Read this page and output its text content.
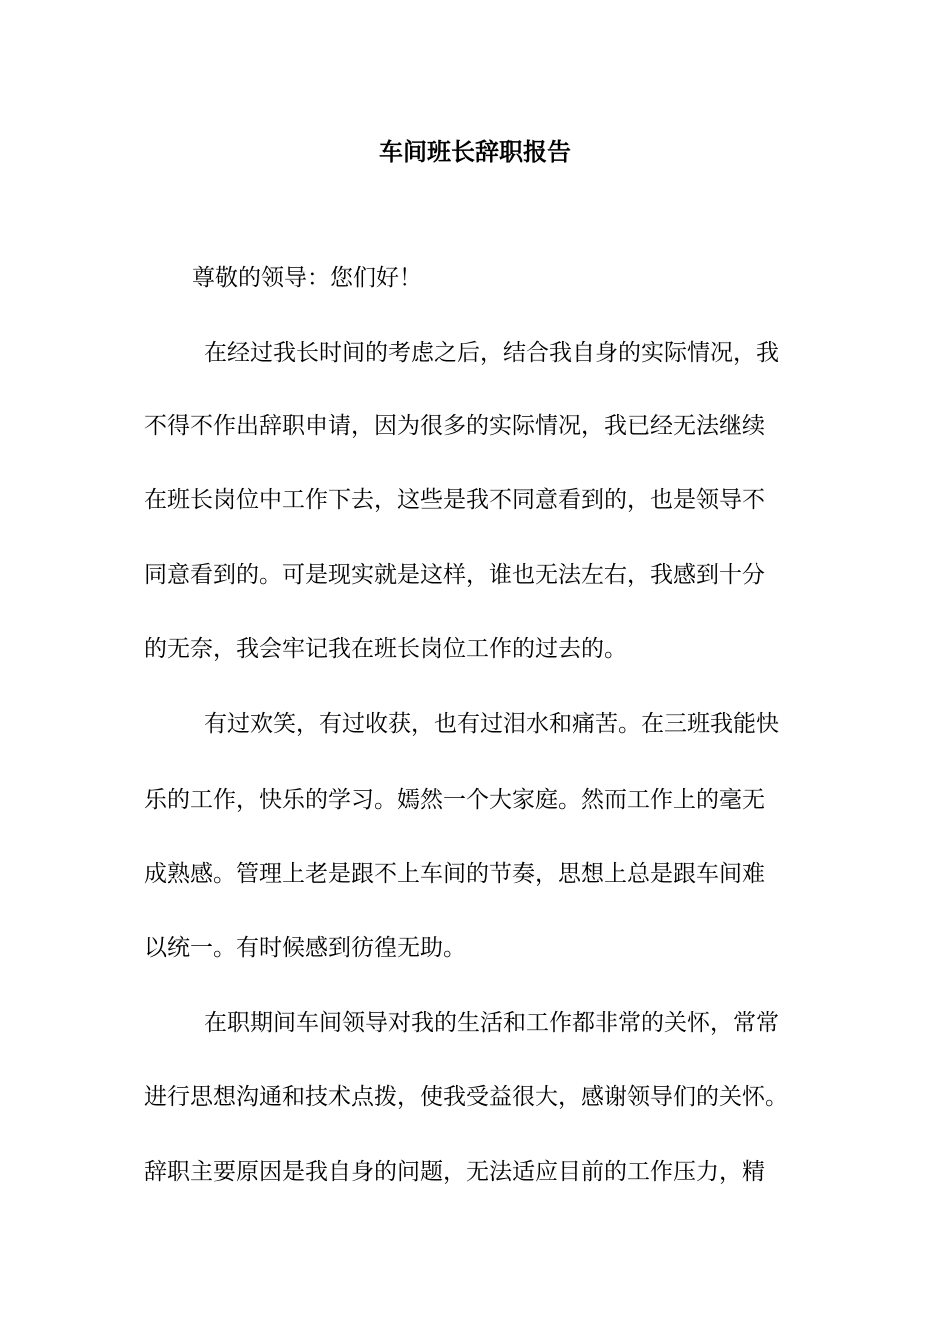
车间班长辞职报告

尊敬的领导：您们好！

在经过我长时间的考虑之后，结合我自身的实际情况，我

不得不作出辞职申请，因为很多的实际情况，我已经无法继续

在班长岗位中工作下去，这些是我不同意看到的，也是领导不

同意看到的。可是现实就是这样，谁也无法左右，我感到十分

的无奈，我会牢记我在班长岗位工作的过去的。

有过欢笑，有过收获，也有过泪水和痛苦。在三班我能快

乐的工作，快乐的学习。嫣然一个大家庭。然而工作上的毫无

成熟感。管理上老是跟不上车间的节奏，思想上总是跟车间难

以统一。有时候感到彷徨无助。

在职期间车间领导对我的生活和工作都非常的关怀，常常

进行思想沟通和技术点拨，使我受益很大，感谢领导们的关怀。

辞职主要原因是我自身的问题，无法适应目前的工作压力，精
